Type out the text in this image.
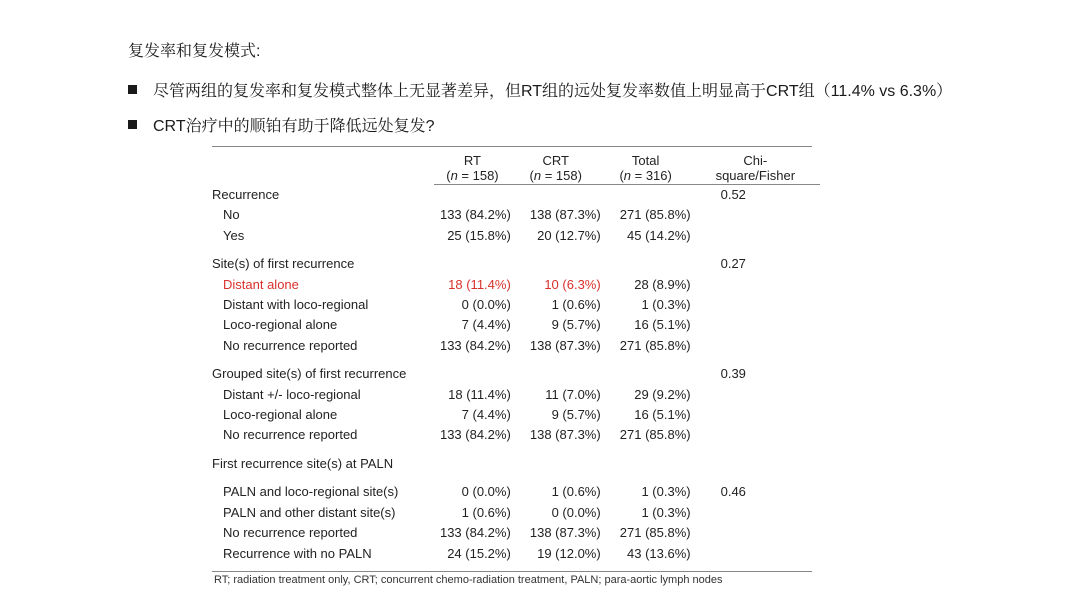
复发率和复发模式:
尽管两组的复发率和复发模式整体上无显著差异，但RT组的远处复发率数值上明显高于CRT组（11.4% vs 6.3%）
CRT治疗中的顺铂有助于降低远处复发?
	RT	CRT	Total	Chi-
	(n = 158)	(n = 158)	(n = 316)	square/Fisher

Recurrence				0.52
No	133 (84.2%)	138 (87.3%)	271 (85.8%)	
Yes	25 (15.8%)	20 (12.7%)	45 (14.2%)	

Site(s) of first recurrence				0.27
Distant alone	18 (11.4%)	10 (6.3%)	28 (8.9%)	
Distant with loco-regional	0 (0.0%)	1 (0.6%)	1 (0.3%)	
Loco-regional alone	7 (4.4%)	9 (5.7%)	16 (5.1%)	
No recurrence reported	133 (84.2%)	138 (87.3%)	271 (85.8%)	

Grouped site(s) of first recurrence				0.39
Distant +/- loco-regional	18 (11.4%)	11 (7.0%)	29 (9.2%)	
Loco-regional alone	7 (4.4%)	9 (5.7%)	16 (5.1%)	
No recurrence reported	133 (84.2%)	138 (87.3%)	271 (85.8%)	

First recurrence site(s) at PALN				

PALN and loco-regional site(s)	0 (0.0%)	1 (0.6%)	1 (0.3%)	0.46
PALN and other distant site(s)	1 (0.6%)	0 (0.0%)	1 (0.3%)	
No recurrence reported	133 (84.2%)	138 (87.3%)	271 (85.8%)	
Recurrence with no PALN	24 (15.2%)	19 (12.0%)	43 (13.6%)	
RT; radiation treatment only, CRT; concurrent chemo-radiation treatment, PALN; para-aortic lymph nodes
